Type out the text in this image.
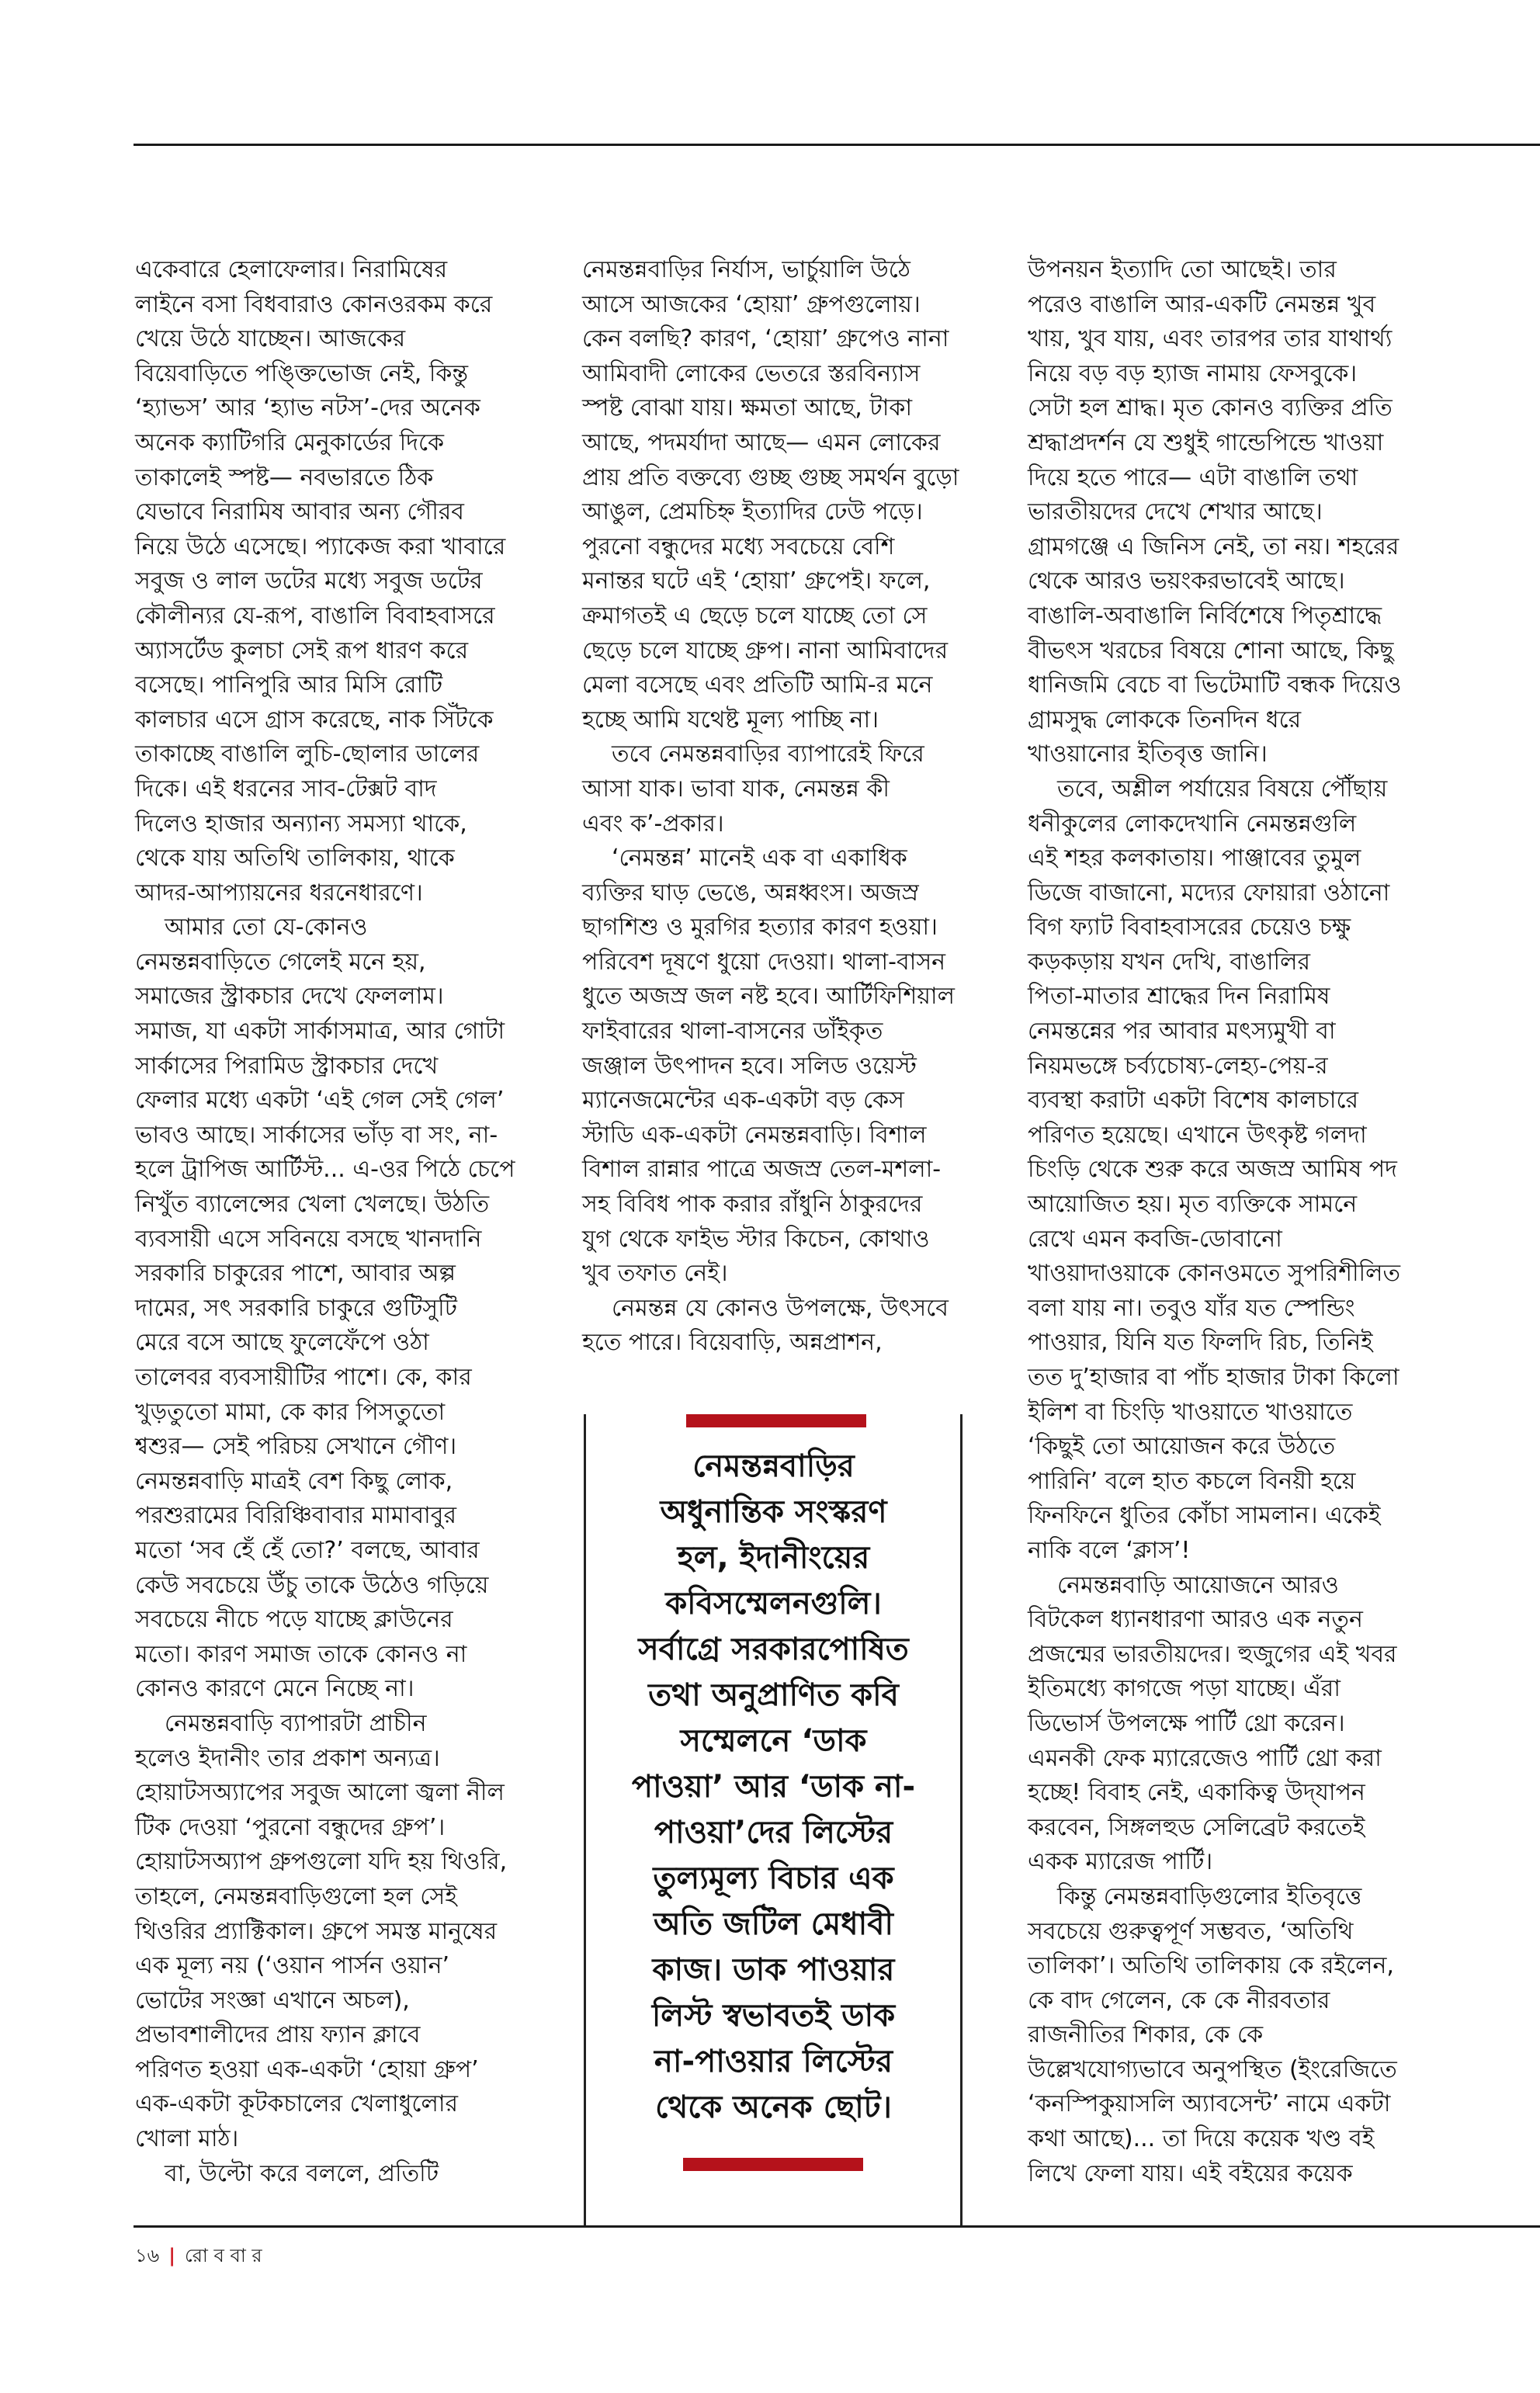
একেবারে হেলাফেলার। নিরামিষের
লাইনে বসা বিধবারাও কোনওরকম করে
খেয়ে উঠে যাচ্ছেন। আজকের
বিয়েবাড়িতে পঙ্ক্তিভোজ নেই, কিন্তু
‘হ্যাভস’ আর ‘হ্যাভ নটস’-দের অনেক
অনেক ক্যাটিগরি মেনুকার্ডের দিকে
তাকালেই স্পষ্ট— নবভারতে ঠিক
যেভাবে নিরামিষ আবার অন্য গৌরব
নিয়ে উঠে এসেছে। প্যাকেজ করা খাবারে
সবুজ ও লাল ডটের মধ্যে সবুজ ডটের
কৌলীন্যর যে-রূপ, বাঙালি বিবাহবাসরে
অ্যাসর্টেড কুলচা সেই রূপ ধারণ করে
বসেছে। পানিপুরি আর মিসি রোটি
কালচার এসে গ্রাস করেছে, নাক সিঁটকে
তাকাচ্ছে বাঙালি লুচি-ছোলার ডালের
দিকে। এই ধরনের সাব-টেক্সট বাদ
দিলেও হাজার অন্যান্য সমস্যা থাকে,
থেকে যায় অতিথি তালিকায়, থাকে
আদর-আপ্যায়নের ধরনেধারণে।
আমার তো যে-কোনও
নেমন্তন্নবাড়িতে গেলেই মনে হয়,
সমাজের স্ট্রাকচার দেখে ফেললাম।
সমাজ, যা একটা সার্কাসমাত্র, আর গোটা
সার্কাসের পিরামিড স্ট্রাকচার দেখে
ফেলার মধ্যে একটা ‘এই গেল সেই গেল’
ভাবও আছে। সার্কাসের ভাঁড় বা সং, না-
হলে ট্রাপিজ আর্টিস্ট... এ-ওর পিঠে চেপে
নিখুঁত ব্যালেন্সের খেলা খেলছে। উঠতি
ব্যবসায়ী এসে সবিনয়ে বসছে খানদানি
সরকারি চাকুরের পাশে, আবার অল্প
দামের, সৎ সরকারি চাকুরে গুটিসুটি
মেরে বসে আছে ফুলেফেঁপে ওঠা
তালেবর ব্যবসায়ীটির পাশে। কে, কার
খুড়তুতো মামা, কে কার পিসতুতো
শ্বশুর— সেই পরিচয় সেখানে গৌণ।
নেমন্তন্নবাড়ি মাত্রই বেশ কিছু লোক,
পরশুরামের বিরিঞ্চিবাবার মামাবাবুর
মতো ‘সব হেঁ হেঁ তো?’ বলছে, আবার
কেউ সবচেয়ে উঁচু তাকে উঠেও গড়িয়ে
সবচেয়ে নীচে পড়ে যাচ্ছে ক্লাউনের
মতো। কারণ সমাজ তাকে কোনও না
কোনও কারণে মেনে নিচ্ছে না।
নেমন্তন্নবাড়ি ব্যাপারটা প্রাচীন
হলেও ইদানীং তার প্রকাশ অন্যত্র।
হোয়াটসঅ্যাপের সবুজ আলো জ্বলা নীল
টিক দেওয়া ‘পুরনো বন্ধুদের গ্রুপ’।
হোয়াটসঅ্যাপ গ্রুপগুলো যদি হয় থিওরি,
তাহলে, নেমন্তন্নবাড়িগুলো হল সেই
থিওরির প্র্যাক্টিকাল। গ্রুপে সমস্ত মানুষের
এক মূল্য নয় (‘ওয়ান পার্সন ওয়ান’
ভোটের সংজ্ঞা এখানে অচল),
প্রভাবশালীদের প্রায় ফ্যান ক্লাবে
পরিণত হওয়া এক-একটা ‘হোয়া গ্রুপ’
এক-একটা কূটকচালের খেলাধুলোর
খোলা মাঠ।
বা, উল্টো করে বললে, প্রতিটি
নেমন্তন্নবাড়ির নির্যাস, ভার্চুয়ালি উঠে
আসে আজকের ‘হোয়া’ গ্রুপগুলোয়।
কেন বলছি? কারণ, ‘হোয়া’ গ্রুপেও নানা
আমিবাদী লোকের ভেতরে স্তরবিন্যাস
স্পষ্ট বোঝা যায়। ক্ষমতা আছে, টাকা
আছে, পদমর্যাদা আছে— এমন লোকের
প্রায় প্রতি বক্তব্যে গুচ্ছ গুচ্ছ সমর্থন বুড়ো
আঙুল, প্রেমচিহ্ন ইত্যাদির ঢেউ পড়ে।
পুরনো বন্ধুদের মধ্যে সবচেয়ে বেশি
মনান্তর ঘটে এই ‘হোয়া’ গ্রুপেই। ফলে,
ক্রমাগতই এ ছেড়ে চলে যাচ্ছে তো সে
ছেড়ে চলে যাচ্ছে গ্রুপ। নানা আমিবাদের
মেলা বসেছে এবং প্রতিটি আমি-র মনে
হচ্ছে আমি যথেষ্ট মূল্য পাচ্ছি না।
তবে নেমন্তন্নবাড়ির ব্যাপারেই ফিরে
আসা যাক। ভাবা যাক, নেমন্তন্ন কী
এবং ক’-প্রকার।
‘নেমন্তন্ন’ মানেই এক বা একাধিক
ব্যক্তির ঘাড় ভেঙে, অন্নধ্বংস। অজস্র
ছাগশিশু ও মুরগির হত্যার কারণ হওয়া।
পরিবেশ দূষণে ধুয়ো দেওয়া। থালা-বাসন
ধুতে অজস্র জল নষ্ট হবে। আর্টিফিশিয়াল
ফাইবারের থালা-বাসনের ডাঁইকৃত
জঞ্জাল উৎপাদন হবে। সলিড ওয়েস্ট
ম্যানেজমেন্টের এক-একটা বড় কেস
স্টাডি এক-একটা নেমন্তন্নবাড়ি। বিশাল
বিশাল রান্নার পাত্রে অজস্র তেল-মশলা-
সহ বিবিধ পাক করার রাঁধুনি ঠাকুরদের
যুগ থেকে ফাইভ স্টার কিচেন, কোথাও
খুব তফাত নেই।
নেমন্তন্ন যে কোনও উপলক্ষে, উৎসবে
হতে পারে। বিয়েবাড়ি, অন্নপ্রাশন,
উপনয়ন ইত্যাদি তো আছেই। তার
পরেও বাঙালি আর-একটি নেমন্তন্ন খুব
খায়, খুব যায়, এবং তারপর তার যাথার্থ্য
নিয়ে বড় বড় হ্যাজ নামায় ফেসবুকে।
সেটা হল শ্রাদ্ধ। মৃত কোনও ব্যক্তির প্রতি
শ্রদ্ধাপ্রদর্শন যে শুধুই গান্ডেপিন্ডে খাওয়া
দিয়ে হতে পারে— এটা বাঙালি তথা
ভারতীয়দের দেখে শেখার আছে।
গ্রামগঞ্জে এ জিনিস নেই, তা নয়। শহরের
থেকে আরও ভয়ংকরভাবেই আছে।
বাঙালি-অবাঙালি নির্বিশেষে পিতৃশ্রাদ্ধে
বীভৎস খরচের বিষয়ে শোনা আছে, কিছু
ধানিজমি বেচে বা ভিটেমাটি বন্ধক দিয়েও
গ্রামসুদ্ধ লোককে তিনদিন ধরে
খাওয়ানোর ইতিবৃত্ত জানি।
তবে, অশ্লীল পর্যায়ের বিষয়ে পৌঁছায়
ধনীকুলের লোকদেখানি নেমন্তন্নগুলি
এই শহর কলকাতায়। পাঞ্জাবের তুমুল
ডিজে বাজানো, মদ্যের ফোয়ারা ওঠানো
বিগ ফ্যাট বিবাহবাসরের চেয়েও চক্ষু
কড়কড়ায় যখন দেখি, বাঙালির
পিতা-মাতার শ্রাদ্ধের দিন নিরামিষ
নেমন্তন্নের পর আবার মৎস্যমুখী বা
নিয়মভঙ্গে চর্ব্যচোষ্য-লেহ্য-পেয়-র
ব্যবস্থা করাটা একটা বিশেষ কালচারে
পরিণত হয়েছে। এখানে উৎকৃষ্ট গলদা
চিংড়ি থেকে শুরু করে অজস্র আমিষ পদ
আয়োজিত হয়। মৃত ব্যক্তিকে সামনে
রেখে এমন কবজি-ডোবানো
খাওয়াদাওয়াকে কোনওমতে সুপরিশীলিত
বলা যায় না। তবুও যাঁর যত স্পেন্ডিং
পাওয়ার, যিনি যত ফিলদি রিচ, তিনিই
তত দু’হাজার বা পাঁচ হাজার টাকা কিলো
ইলিশ বা চিংড়ি খাওয়াতে খাওয়াতে
‘কিছুই তো আয়োজন করে উঠতে
পারিনি’ বলে হাত কচলে বিনয়ী হয়ে
ফিনফিনে ধুতির কোঁচা সামলান। একেই
নাকি বলে ‘ক্লাস’!
নেমন্তন্নবাড়ি আয়োজনে আরও
বিটকেল ধ্যানধারণা আরও এক নতুন
প্রজন্মের ভারতীয়দের। হুজুগের এই খবর
ইতিমধ্যে কাগজে পড়া যাচ্ছে। এঁরা
ডিভোর্স উপলক্ষে পার্টি থ্রো করেন।
এমনকী ফেক ম্যারেজেও পার্টি থ্রো করা
হচ্ছে! বিবাহ নেই, একাকিত্ব উদ্‌যাপন
করবেন, সিঙ্গলহুড সেলিব্রেট করতেই
একক ম্যারেজ পার্টি।
কিন্তু নেমন্তন্নবাড়িগুলোর ইতিবৃত্তে
সবচেয়ে গুরুত্বপূর্ণ সম্ভবত, ‘অতিথি
তালিকা’। অতিথি তালিকায় কে রইলেন,
কে বাদ গেলেন, কে কে নীরবতার
রাজনীতির শিকার, কে কে
উল্লেখযোগ্যভাবে অনুপস্থিত (ইংরেজিতে
‘কনস্পিকুয়াসলি অ্যাবসেন্ট’ নামে একটা
কথা আছে)... তা দিয়ে কয়েক খণ্ড বই
লিখে ফেলা যায়। এই বইয়ের কয়েক
নেমন্তন্নবাড়ির
অধুনান্তিক সংস্করণ
হল, ইদানীংয়ের
কবিসম্মেলনগুলি।
সর্বাগ্রে সরকারপোষিত
তথা অনুপ্রাণিত কবি
সম্মেলনে ‘ডাক
পাওয়া’ আর ‘ডাক না-
পাওয়া’দের লিস্টের
তুল্যমূল্য বিচার এক
অতি জটিল মেধাবী
কাজ। ডাক পাওয়ার
লিস্ট স্বভাবতই ডাক
না-পাওয়ার লিস্টের
থেকে অনেক ছোট।
১৬ | রো ব বা র
